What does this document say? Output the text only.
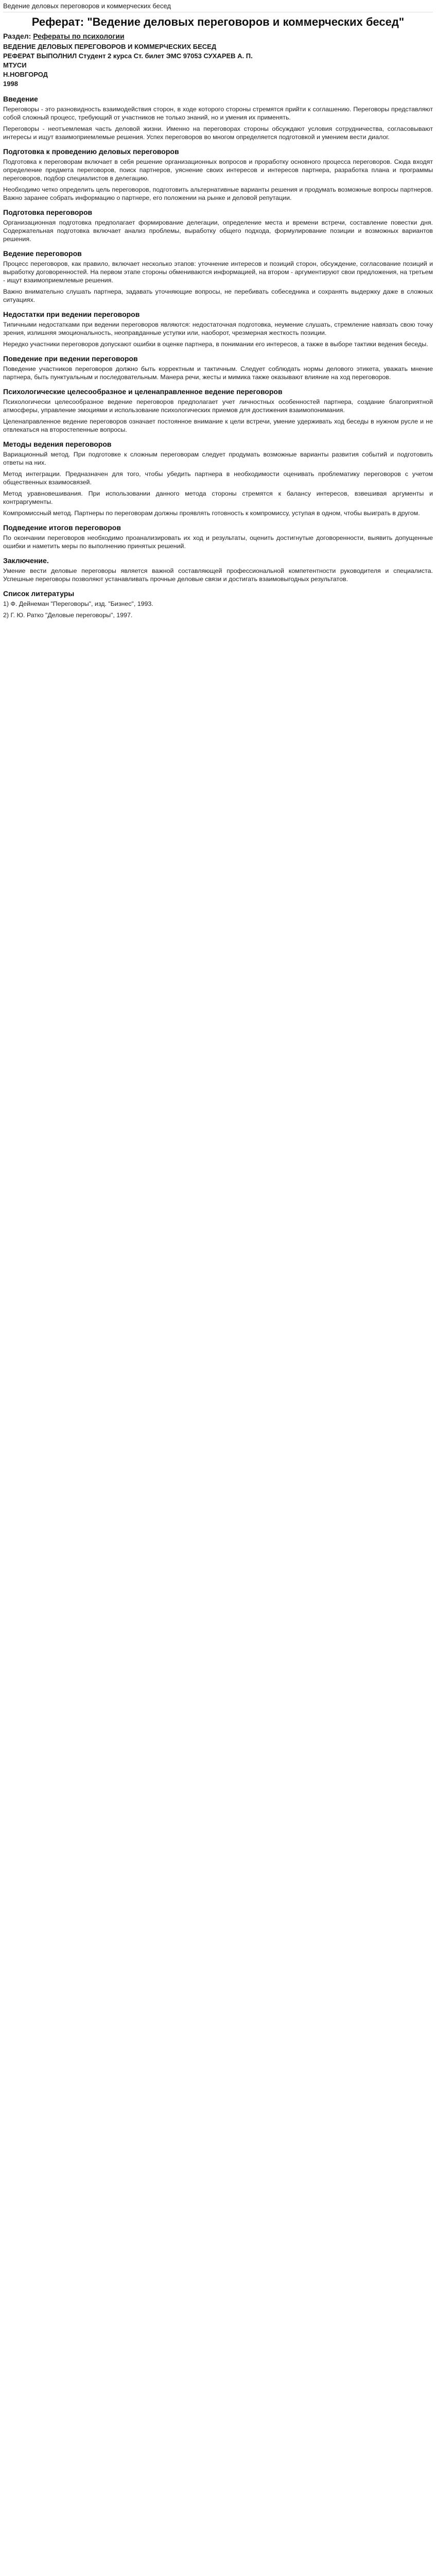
Ведение деловых переговоров и коммерческих бесед
Реферат: "Ведение деловых переговоров и коммерческих бесед"
Раздел: Рефераты по психологии
ВЕДЕНИЕ ДЕЛОВЫХ ПЕРЕГОВОРОВ И КОММЕРЧЕСКИХ БЕСЕД
РЕФЕРАТ ВЫПОЛНИЛ Студент 2 курса Ст. билет ЭМС 97053 СУХАРЕВ А. П.
МТУСИ
Н.НОВГОРОД
1998
Введение

Переговоры - это разновидность взаимодействия сторон, в ходе которого стороны стремятся прийти к соглашению. Переговоры представляют собой сложный процесс, требующий от участников не только знаний, но и умения их применять.

Переговоры - неотъемлемая часть деловой жизни. Именно на переговорах стороны обсуждают условия сотрудничества, согласовывают интересы и ищут взаимоприемлемые решения. Успех переговоров во многом определяется подготовкой и умением вести диалог.

Подготовка к проведению деловых переговоров

Подготовка к переговорам включает в себя решение организационных вопросов и проработку основного процесса переговоров. Сюда входят определение предмета переговоров, поиск партнеров, уяснение своих интересов и интересов партнера, разработка плана и программы переговоров, подбор специалистов в делегацию.

Необходимо четко определить цель переговоров, подготовить альтернативные варианты решения и продумать возможные вопросы партнеров. Важно заранее собрать информацию о партнере, его положении на рынке и деловой репутации.

Подготовка переговоров

Организационная подготовка предполагает формирование делегации, определение места и времени встречи, составление повестки дня. Содержательная подготовка включает анализ проблемы, выработку общего подхода, формулирование позиции и возможных вариантов решения.

Ведение переговоров

Процесс переговоров, как правило, включает несколько этапов: уточнение интересов и позиций сторон, обсуждение, согласование позиций и выработку договоренностей. На первом этапе стороны обмениваются информацией, на втором - аргументируют свои предложения, на третьем - ищут взаимоприемлемые решения.

Важно внимательно слушать партнера, задавать уточняющие вопросы, не перебивать собеседника и сохранять выдержку даже в сложных ситуациях.

Недостатки при ведении переговоров

Типичными недостатками при ведении переговоров являются: недостаточная подготовка, неумение слушать, стремление навязать свою точку зрения, излишняя эмоциональность, неоправданные уступки или, наоборот, чрезмерная жесткость позиции.

Нередко участники переговоров допускают ошибки в оценке партнера, в понимании его интересов, а также в выборе тактики ведения беседы.

Поведение при ведении переговоров

Поведение участников переговоров должно быть корректным и тактичным. Следует соблюдать нормы делового этикета, уважать мнение партнера, быть пунктуальным и последовательным. Манера речи, жесты и мимика также оказывают влияние на ход переговоров.

Психологические целесообразное и целенаправленное ведение переговоров

Психологически целесообразное ведение переговоров предполагает учет личностных особенностей партнера, создание благоприятной атмосферы, управление эмоциями и использование психологических приемов для достижения взаимопонимания.

Целенаправленное ведение переговоров означает постоянное внимание к цели встречи, умение удерживать ход беседы в нужном русле и не отвлекаться на второстепенные вопросы.

Методы ведения переговоров

Вариационный метод. При подготовке к сложным переговорам следует продумать возможные варианты развития событий и подготовить ответы на них.

Метод интеграции. Предназначен для того, чтобы убедить партнера в необходимости оценивать проблематику переговоров с учетом общественных взаимосвязей.

Метод уравновешивания. При использовании данного метода стороны стремятся к балансу интересов, взвешивая аргументы и контраргументы.

Компромиссный метод. Партнеры по переговорам должны проявлять готовность к компромиссу, уступая в одном, чтобы выиграть в другом.

Подведение итогов переговоров

По окончании переговоров необходимо проанализировать их ход и результаты, оценить достигнутые договоренности, выявить допущенные ошибки и наметить меры по выполнению принятых решений.

Заключение.

Умение вести деловые переговоры является важной составляющей профессиональной компетентности руководителя и специалиста. Успешные переговоры позволяют устанавливать прочные деловые связи и достигать взаимовыгодных результатов.

Список литературы

1) Ф. Дейнеман "Переговоры", изд. "Бизнес", 1993.

2) Г. Ю. Ратко "Деловые переговоры", 1997.
